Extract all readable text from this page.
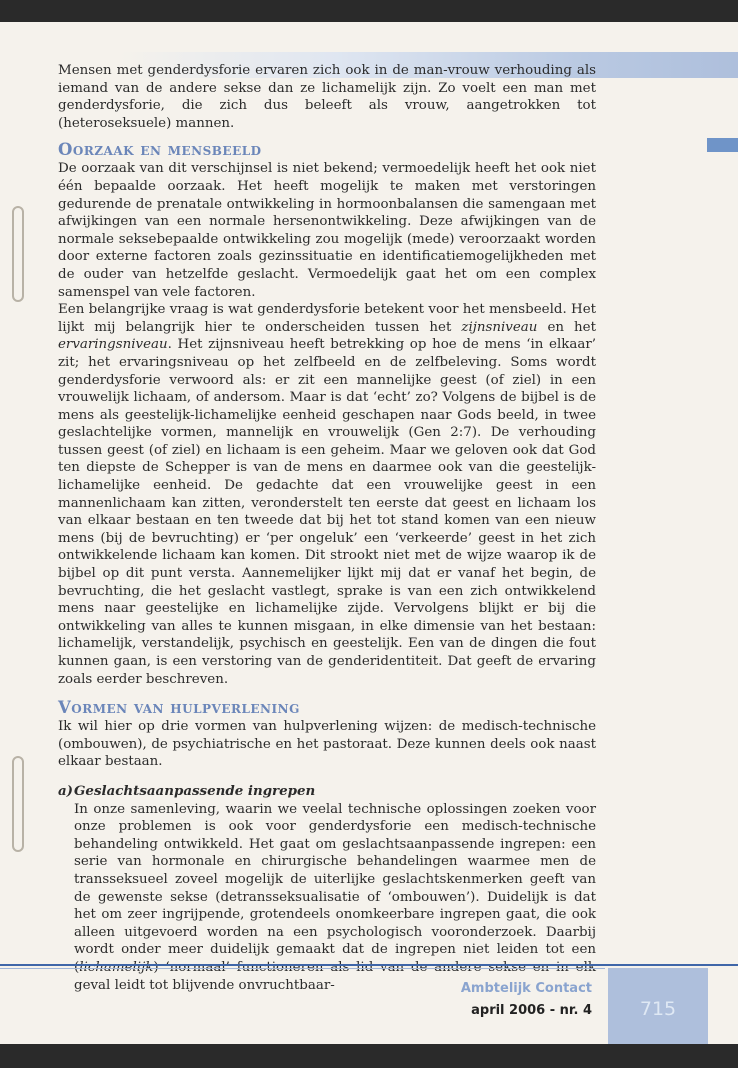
Mensen met genderdysforie ervaren zich ook in de man-vrouw verhouding als iemand van de andere sekse dan ze lichamelijk zijn. Zo voelt een man met genderdysforie, die zich dus beleeft als vrouw, aangetrokken tot (heteroseksuele) mannen.

Oorzaak en mensbeeld

De oorzaak van dit verschijnsel is niet bekend; vermoedelijk heeft het ook niet één bepaalde oorzaak. Het heeft mogelijk te maken met verstoringen gedurende de prenatale ontwikkeling in hormoonbalansen die samengaan met afwijkingen van een normale hersenontwikkeling. Deze afwijkingen van de normale seksebepaalde ontwikkeling zou mogelijk (mede) veroorzaakt worden door externe factoren zoals gezinssituatie en identificatiemogelijkheden met de ouder van hetzelfde geslacht. Vermoedelijk gaat het om een complex samenspel van vele factoren.

Een belangrijke vraag is wat genderdysforie betekent voor het mensbeeld. Het lijkt mij belangrijk hier te onderscheiden tussen het zijnsniveau en het ervaringsniveau. Het zijnsniveau heeft betrekking op hoe de mens ‘in elkaar’ zit; het ervaringsniveau op het zelfbeeld en de zelfbeleving. Soms wordt genderdysforie verwoord als: er zit een mannelijke geest (of ziel) in een vrouwelijk lichaam, of andersom. Maar is dat ‘echt’ zo? Volgens de bijbel is de mens als geestelijk-lichamelijke eenheid geschapen naar Gods beeld, in twee geslachtelijke vormen, mannelijk en vrouwelijk (Gen 2:7). De verhouding tussen geest (of ziel) en lichaam is een geheim. Maar we geloven ook dat God ten diepste de Schepper is van de mens en daarmee ook van die geestelijk-lichamelijke eenheid. De gedachte dat een vrouwelijke geest in een mannenlichaam kan zitten, veronderstelt ten eerste dat geest en lichaam los van elkaar bestaan en ten tweede dat bij het tot stand komen van een nieuw mens (bij de bevruchting) er ‘per ongeluk’ een ‘verkeerde’ geest in het zich ontwikkelende lichaam kan komen. Dit strookt niet met de wijze waarop ik de bijbel op dit punt versta. Aannemelijker lijkt mij dat er vanaf het begin, de bevruchting, die het geslacht vastlegt, sprake is van een zich ontwikkelend mens naar geestelijke en lichamelijke zijde. Vervolgens blijkt er bij die ontwikkeling van alles te kunnen misgaan, in elke dimensie van het bestaan: lichamelijk, verstandelijk, psychisch en geestelijk. Een van de dingen die fout kunnen gaan, is een verstoring van de genderidentiteit. Dat geeft de ervaring zoals eerder beschreven.

Vormen van hulpverlening

Ik wil hier op drie vormen van hulpverlening wijzen: de medisch-technische (ombouwen), de psychiatrische en het pastoraat. Deze kunnen deels ook naast elkaar bestaan.

a) Geslachtsaanpassende ingrepen

In onze samenleving, waarin we veelal technische oplossingen zoeken voor onze problemen is ook voor genderdysforie een medisch-technische behandeling ontwikkeld. Het gaat om geslachtsaanpassende ingrepen: een serie van hormonale en chirurgische behandelingen waarmee men de transseksueel zoveel mogelijk de uiterlijke geslachtskenmerken geeft van de gewenste sekse (detransseksualisatie of ‘ombouwen’). Duidelijk is dat het om zeer ingrijpende, grotendeels onomkeerbare ingrepen gaat, die ook alleen uitgevoerd worden na een psychologisch vooronderzoek. Daarbij wordt onder meer duidelijk gemaakt dat de ingrepen niet leiden tot een geval leidt tot blijvende onvruchtbaar-

715
Ambtelijk Contact
april 2006 - nr. 4
